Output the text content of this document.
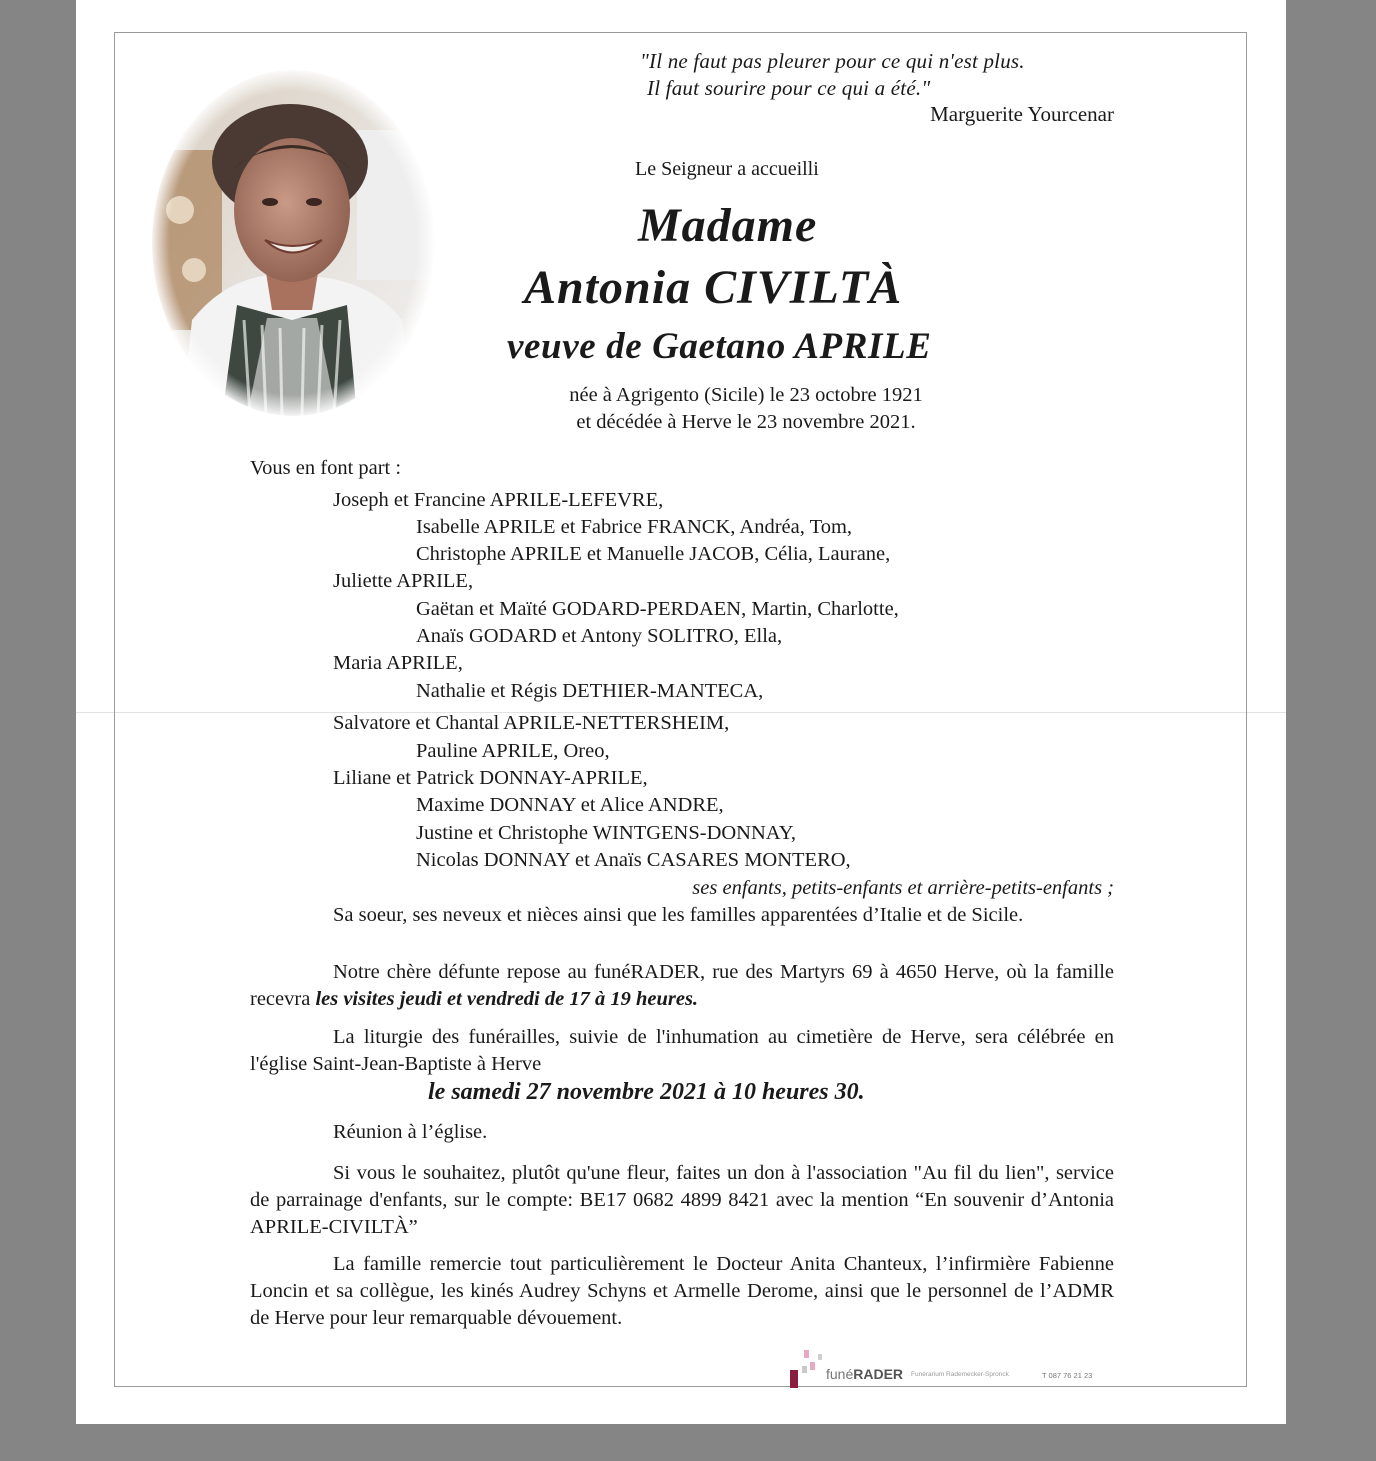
"Il ne faut pas pleurer pour ce qui n'est plus.
Il faut sourire pour ce qui a été."
Marguerite Yourcenar
Le Seigneur a accueilli
Madame
Antonia CIVILTÀ
veuve de Gaetano APRILE
née à Agrigento (Sicile) le 23 octobre 1921
et décédée à Herve le 23 novembre 2021.
Vous en font part :
Joseph et Francine APRILE-LEFEVRE,
Isabelle APRILE et Fabrice FRANCK, Andréa, Tom,
Christophe APRILE et Manuelle JACOB, Célia, Laurane,
Juliette APRILE,
Gaëtan et Maïté GODARD-PERDAEN, Martin, Charlotte,
Anaïs GODARD et Antony SOLITRO, Ella,
Maria APRILE,
Nathalie et Régis DETHIER-MANTECA,
Salvatore et Chantal APRILE-NETTERSHEIM,
Pauline APRILE, Oreo,
Liliane et Patrick DONNAY-APRILE,
Maxime DONNAY et Alice ANDRE,
Justine et Christophe WINTGENS-DONNAY,
Nicolas DONNAY et Anaïs CASARES MONTERO,
ses enfants, petits-enfants et arrière-petits-enfants ;
Sa soeur, ses neveux et nièces ainsi que les familles apparentées d’Italie et de Sicile.
Notre chère défunte repose au funéRADER, rue des Martyrs 69 à 4650 Herve, où la famille recevra les visites jeudi et vendredi de 17 à 19 heures.
La liturgie des funérailles, suivie de l'inhumation au cimetière de Herve, sera célébrée en l'église Saint-Jean-Baptiste à Herve
le samedi 27 novembre 2021 à 10 heures 30.
Réunion à l’église.
Si vous le souhaitez, plutôt qu'une fleur, faites un don à l'association "Au fil du lien", service de parrainage d'enfants, sur le compte: BE17 0682 4899 8421 avec la mention “En souvenir d’Antonia APRILE-CIVILTÀ”
La famille remercie tout particulièrement le Docteur Anita Chanteux, l’infirmière Fabienne Loncin et sa collègue, les kinés Audrey Schyns et Armelle Derome, ainsi que le personnel de l’ADMR de Herve pour leur remarquable dévouement.
funéRADER Funérarium Rademecker-Spronck	T 087 76 21 23
